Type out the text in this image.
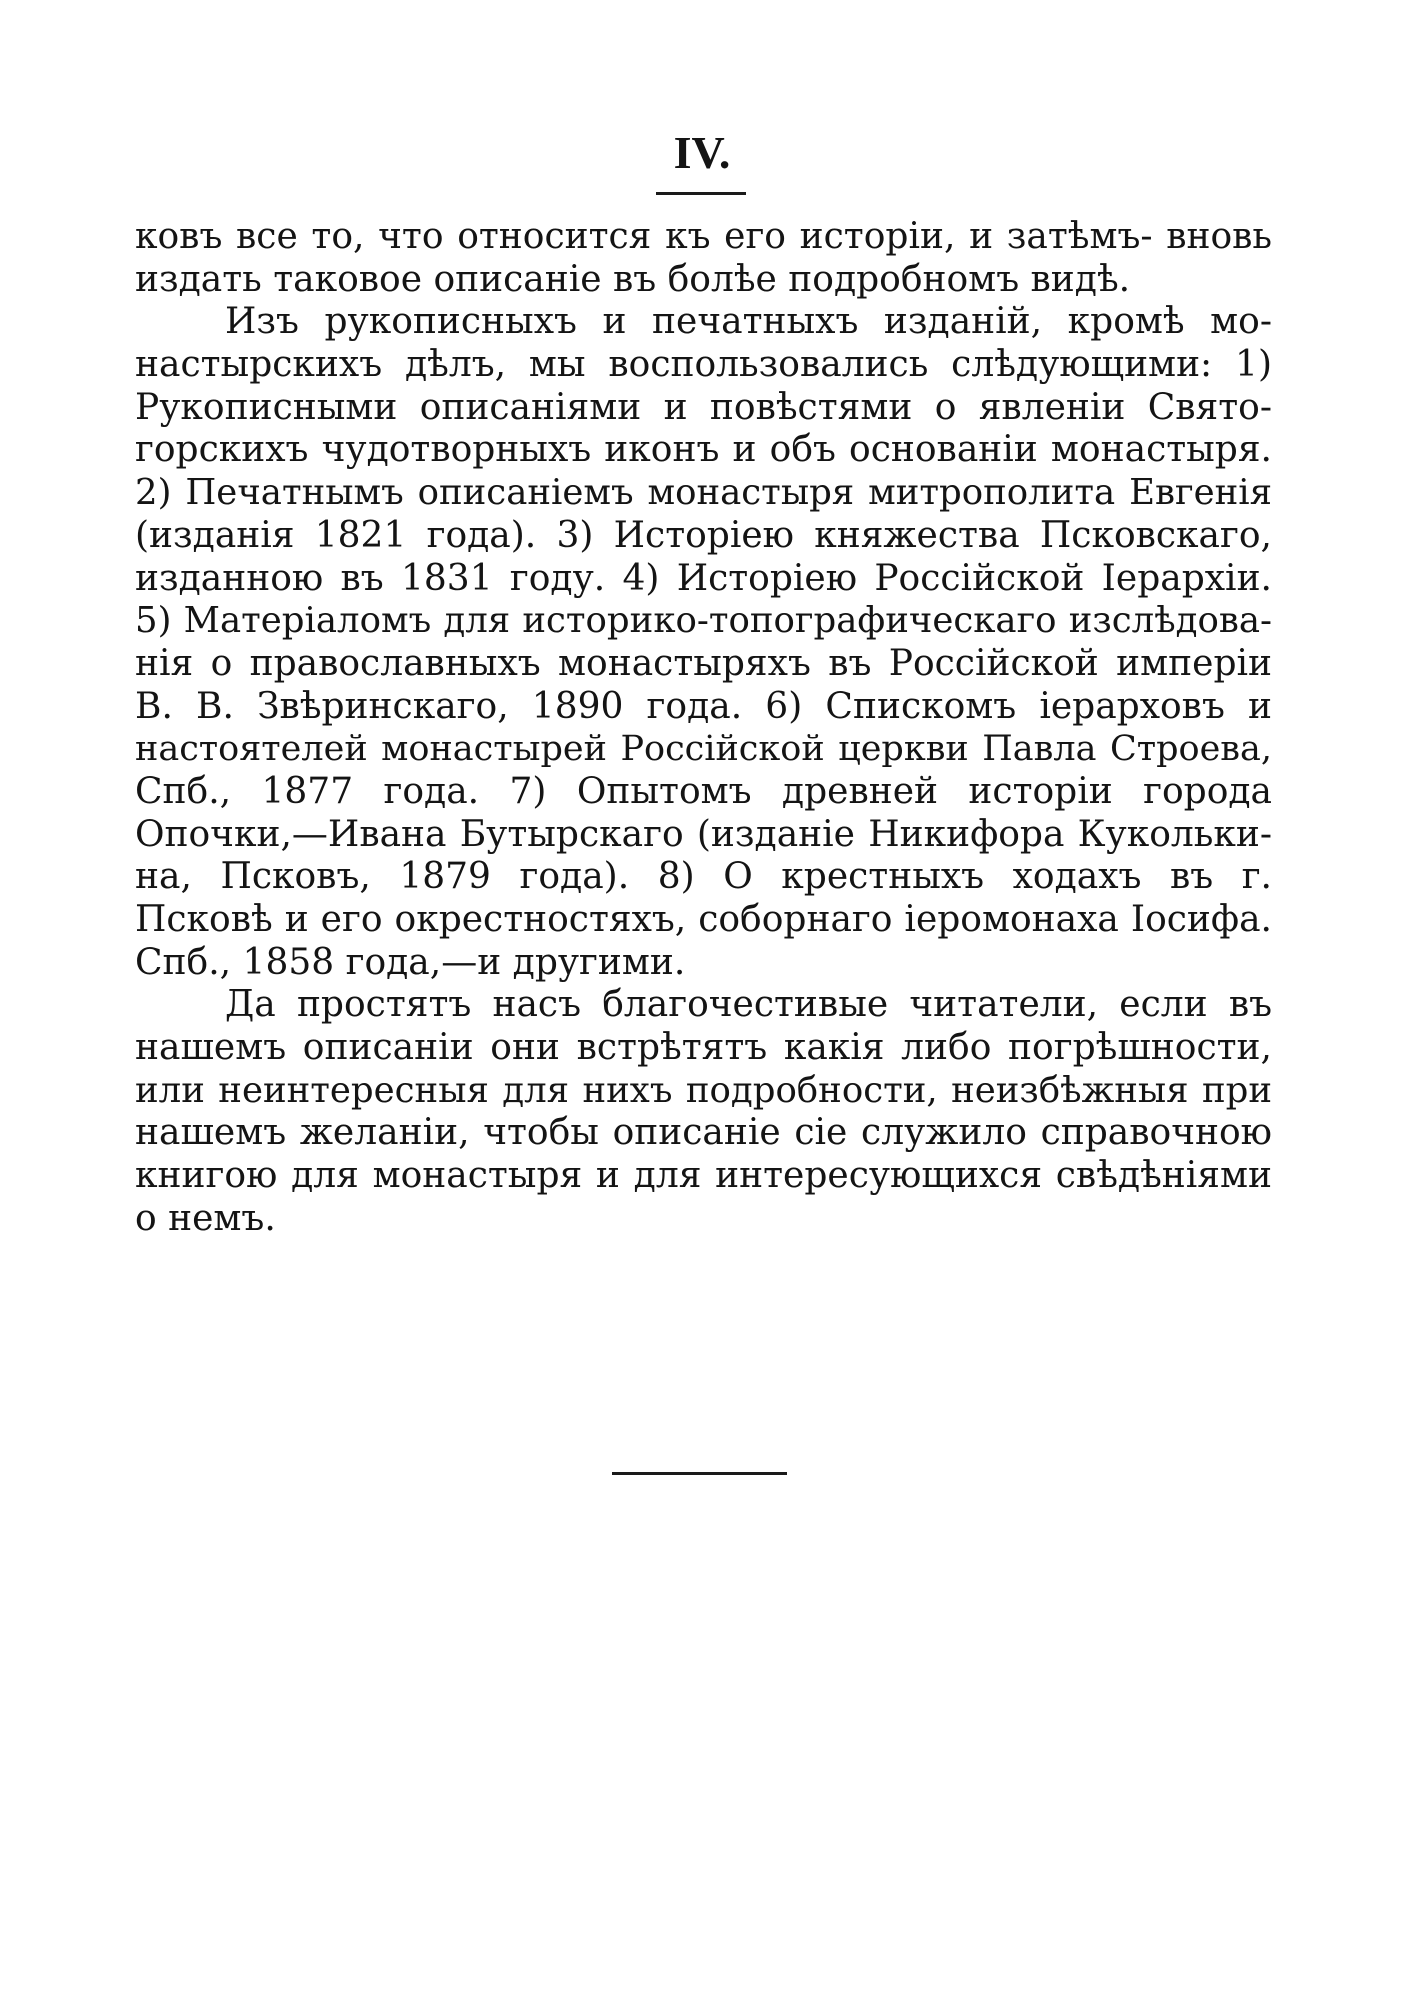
IV.
ковъ все то, что относится къ его исторіи, и затѣмъ- вновь
издать таковое описаніе въ болѣе подробномъ видѣ.
Изъ рукописныхъ и печатныхъ изданій, кромѣ мо-
настырскихъ дѣлъ, мы воспользовались слѣдующими: 1)
Рукописными описаніями и повѣстями о явленіи Свято-
горскихъ чудотворныхъ иконъ и объ основаніи монастыря.
2) Печатнымъ описаніемъ монастыря митрополита Евгенія
(изданія 1821 года). 3) Исторіею княжества Псковскаго,
изданною въ 1831 году. 4) Исторіею Россійской Іерархіи.
5) Матеріаломъ для историко-топографическаго изслѣдова-
нія о православныхъ монастыряхъ въ Россійской имперіи
В. В. Звѣринскаго, 1890 года. 6) Спискомъ іерарховъ и
настоятелей монастырей Россійской церкви Павла Строева,
Спб., 1877 года. 7) Опытомъ древней исторіи города
Опочки,—Ивана Бутырскаго (изданіе Никифора Кукольки-
на, Псковъ, 1879 года). 8) О крестныхъ ходахъ въ г.
Псковѣ и его окрестностяхъ, соборнаго іеромонаха Іосифа.
Спб., 1858 года,—и другими.
Да простятъ насъ благочестивые читатели, если въ
нашемъ описаніи они встрѣтятъ какія либо погрѣшности,
или неинтересныя для нихъ подробности, неизбѣжныя при
нашемъ желаніи, чтобы описаніе сіе служило справочною
книгою для монастыря и для интересующихся свѣдѣніями
о немъ.
